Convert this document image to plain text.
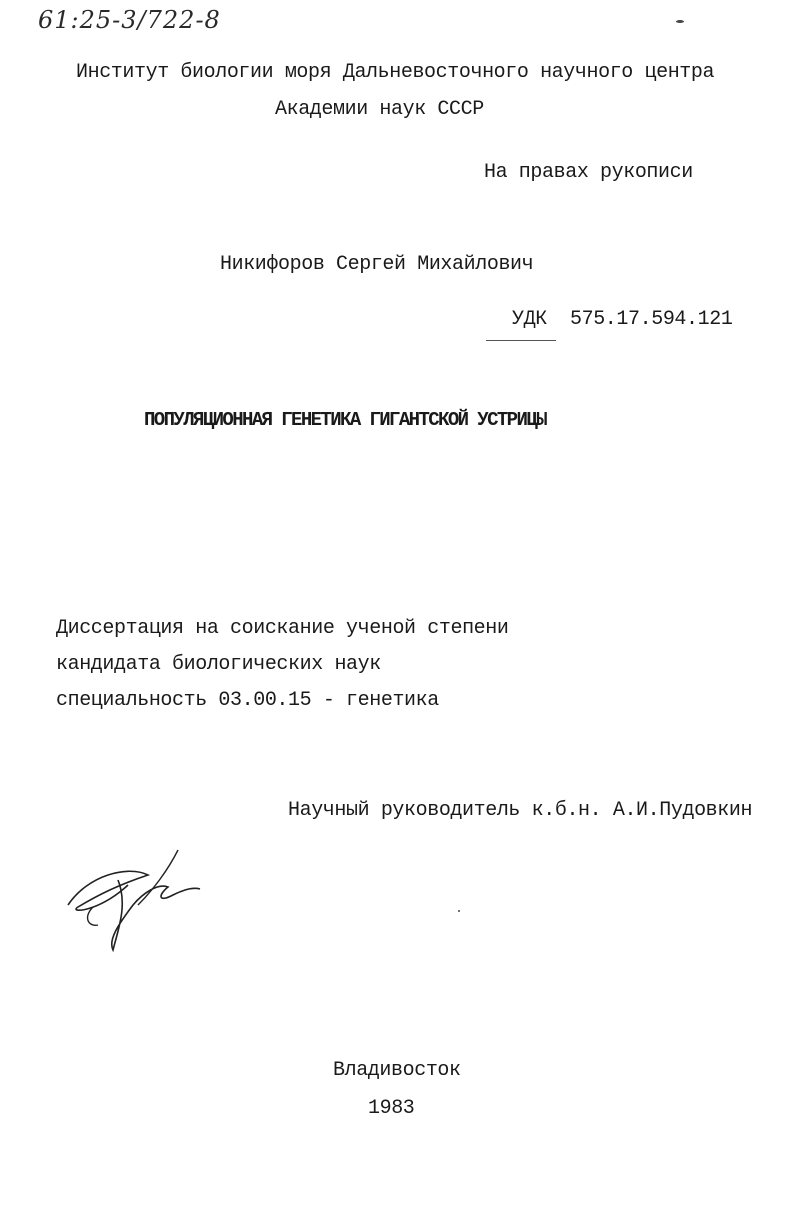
61:25-3/722-8
Институт биологии моря Дальневосточного научного центра
Академии наук СССР
На правах рукописи
Никифоров Сергей Михайлович
УДК 575.17.594.121
ПОПУЛЯЦИОННАЯ ГЕНЕТИКА ГИГАНТСКОЙ УСТРИЦЫ
Диссертация на соискание ученой степени
кандидата биологических наук
специальность 03.00.15 - генетика
Научный руководитель к.б.н. А.И.Пудовкин
Владивосток
1983
